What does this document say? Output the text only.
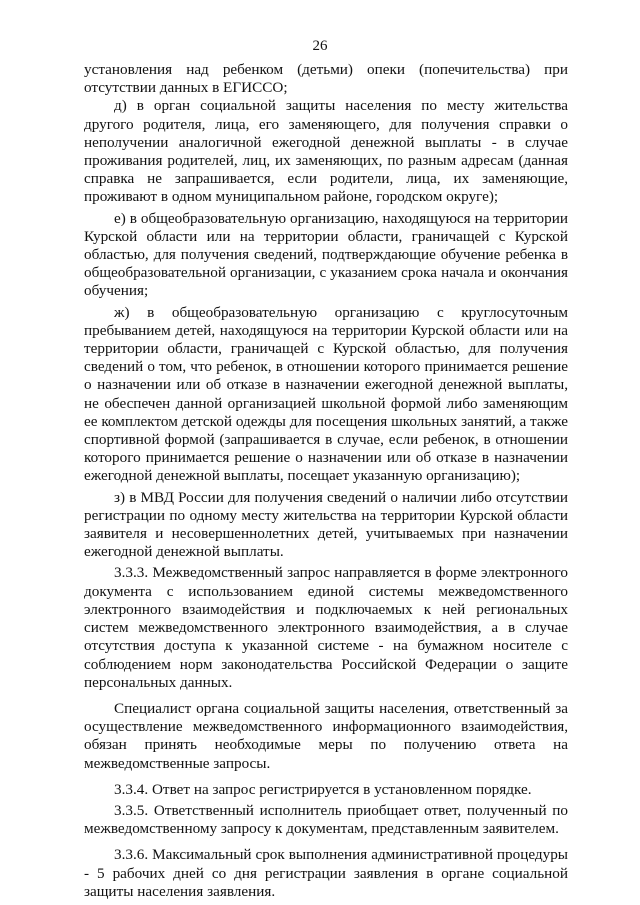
26

установления над ребенком (детьми) опеки (попечительства) при отсутствии данных в ЕГИССО;

д) в орган социальной защиты населения по месту жительства другого родителя, лица, его заменяющего, для получения справки о неполучении аналогичной ежегодной денежной выплаты - в случае проживания родителей, лиц, их заменяющих, по разным адресам (данная справка не запрашивается, если родители, лица, их заменяющие, проживают в одном муниципальном районе, городском округе);

е) в общеобразовательную организацию, находящуюся на территории Курской области или на территории области, граничащей с Курской областью, для получения сведений, подтверждающие обучение ребенка в общеобразовательной организации, с указанием срока начала и окончания обучения;

ж) в общеобразовательную организацию с круглосуточным пребыванием детей, находящуюся на территории Курской области или на территории области, граничащей с Курской областью, для получения сведений о том, что ребенок, в отношении которого принимается решение о назначении или об отказе в назначении ежегодной денежной выплаты, не обеспечен данной организацией школьной формой либо заменяющим ее комплектом детской одежды для посещения школьных занятий, а также спортивной формой (запрашивается в случае, если ребенок, в отношении которого принимается решение о назначении или об отказе в назначении ежегодной денежной выплаты, посещает указанную организацию);

з) в МВД России для получения сведений о наличии либо отсутствии регистрации по одному месту жительства на территории Курской области заявителя и несовершеннолетних детей, учитываемых при назначении ежегодной денежной выплаты.

3.3.3. Межведомственный запрос направляется в форме электронного документа с использованием единой системы межведомственного электронного взаимодействия и подключаемых к ней региональных систем межведомственного электронного взаимодействия, а в случае отсутствия доступа к указанной системе - на бумажном носителе с соблюдением норм законодательства Российской Федерации о защите персональных данных.

Специалист органа социальной защиты населения, ответственный за осуществление межведомственного информационного взаимодействия, обязан принять необходимые меры по получению ответа на межведомственные запросы.

3.3.4. Ответ на запрос регистрируется в установленном порядке.

3.3.5. Ответственный исполнитель приобщает ответ, полученный по межведомственному запросу к документам, представленным заявителем.

3.3.6. Максимальный срок выполнения административной процедуры - 5 рабочих дней со дня регистрации заявления в органе социальной защиты населения заявления.
